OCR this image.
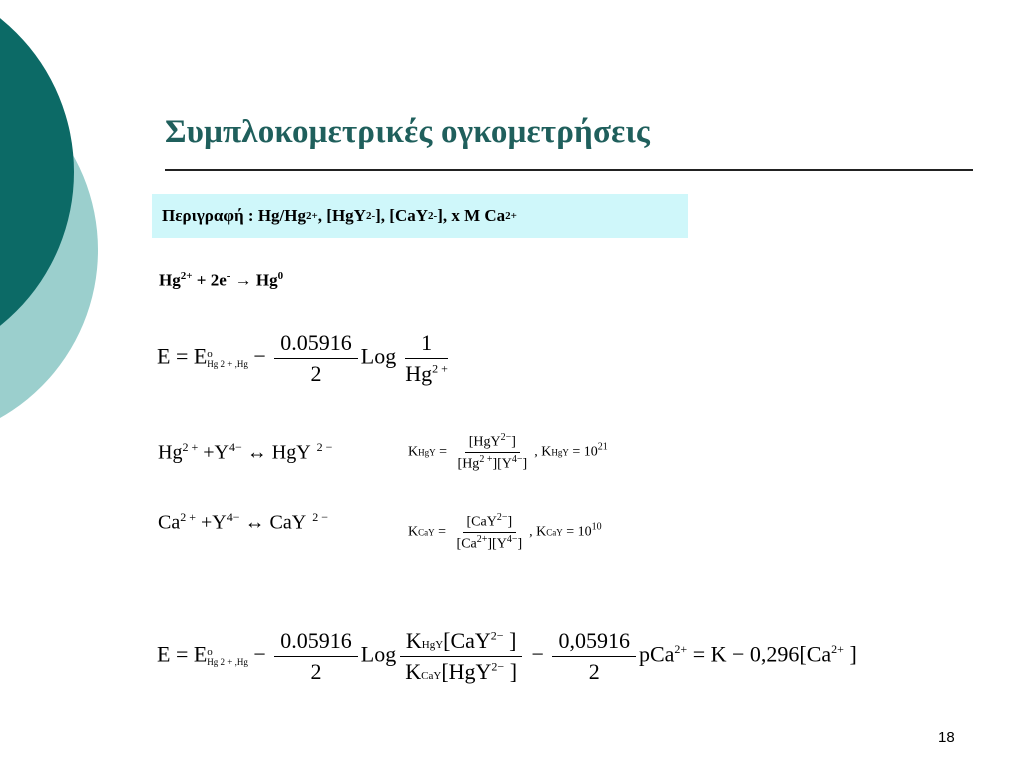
Συμπλοκομετρικές ογκομετρήσεις
Περιγραφή : Hg/Hg 2+ , [HgY 2- ], [CaY 2- ], x M Ca 2+
$Hg^{2+} + 2e^- \to Hg^0$
E = E o
Hg $2 + ,Hg - \frac{0.05916}{2}$ Log $\frac{1}{Hg^{2 +}}$
$Hg^{2 +} +Y^{4-}$ ↔ HgY $^{2 -}$	KHgY = $\frac{[HgY^{2-}]}{[Hg^{2 +}][Y^{4-}]}$ , KHgY = $10^{21}$
$Ca^{2 +} +Y^{4-}$ ↔ CaY $^{2 -}$
KCaY = $\frac{[CaY^{2-}]}{[Ca^{2+}][Y^{4-}]}$ , KCaY = $10^{10}$
E = E o
Hg $2 + ,Hg - \frac{0.05916}{2}$ Log $\frac{KHgY[CaY^{2-} ]}{KCaY[HgY^{2-} ]} - \frac{0,05916}{2} pCa^{2+} = K - 0,296[Ca^{2+}$ ]
18
